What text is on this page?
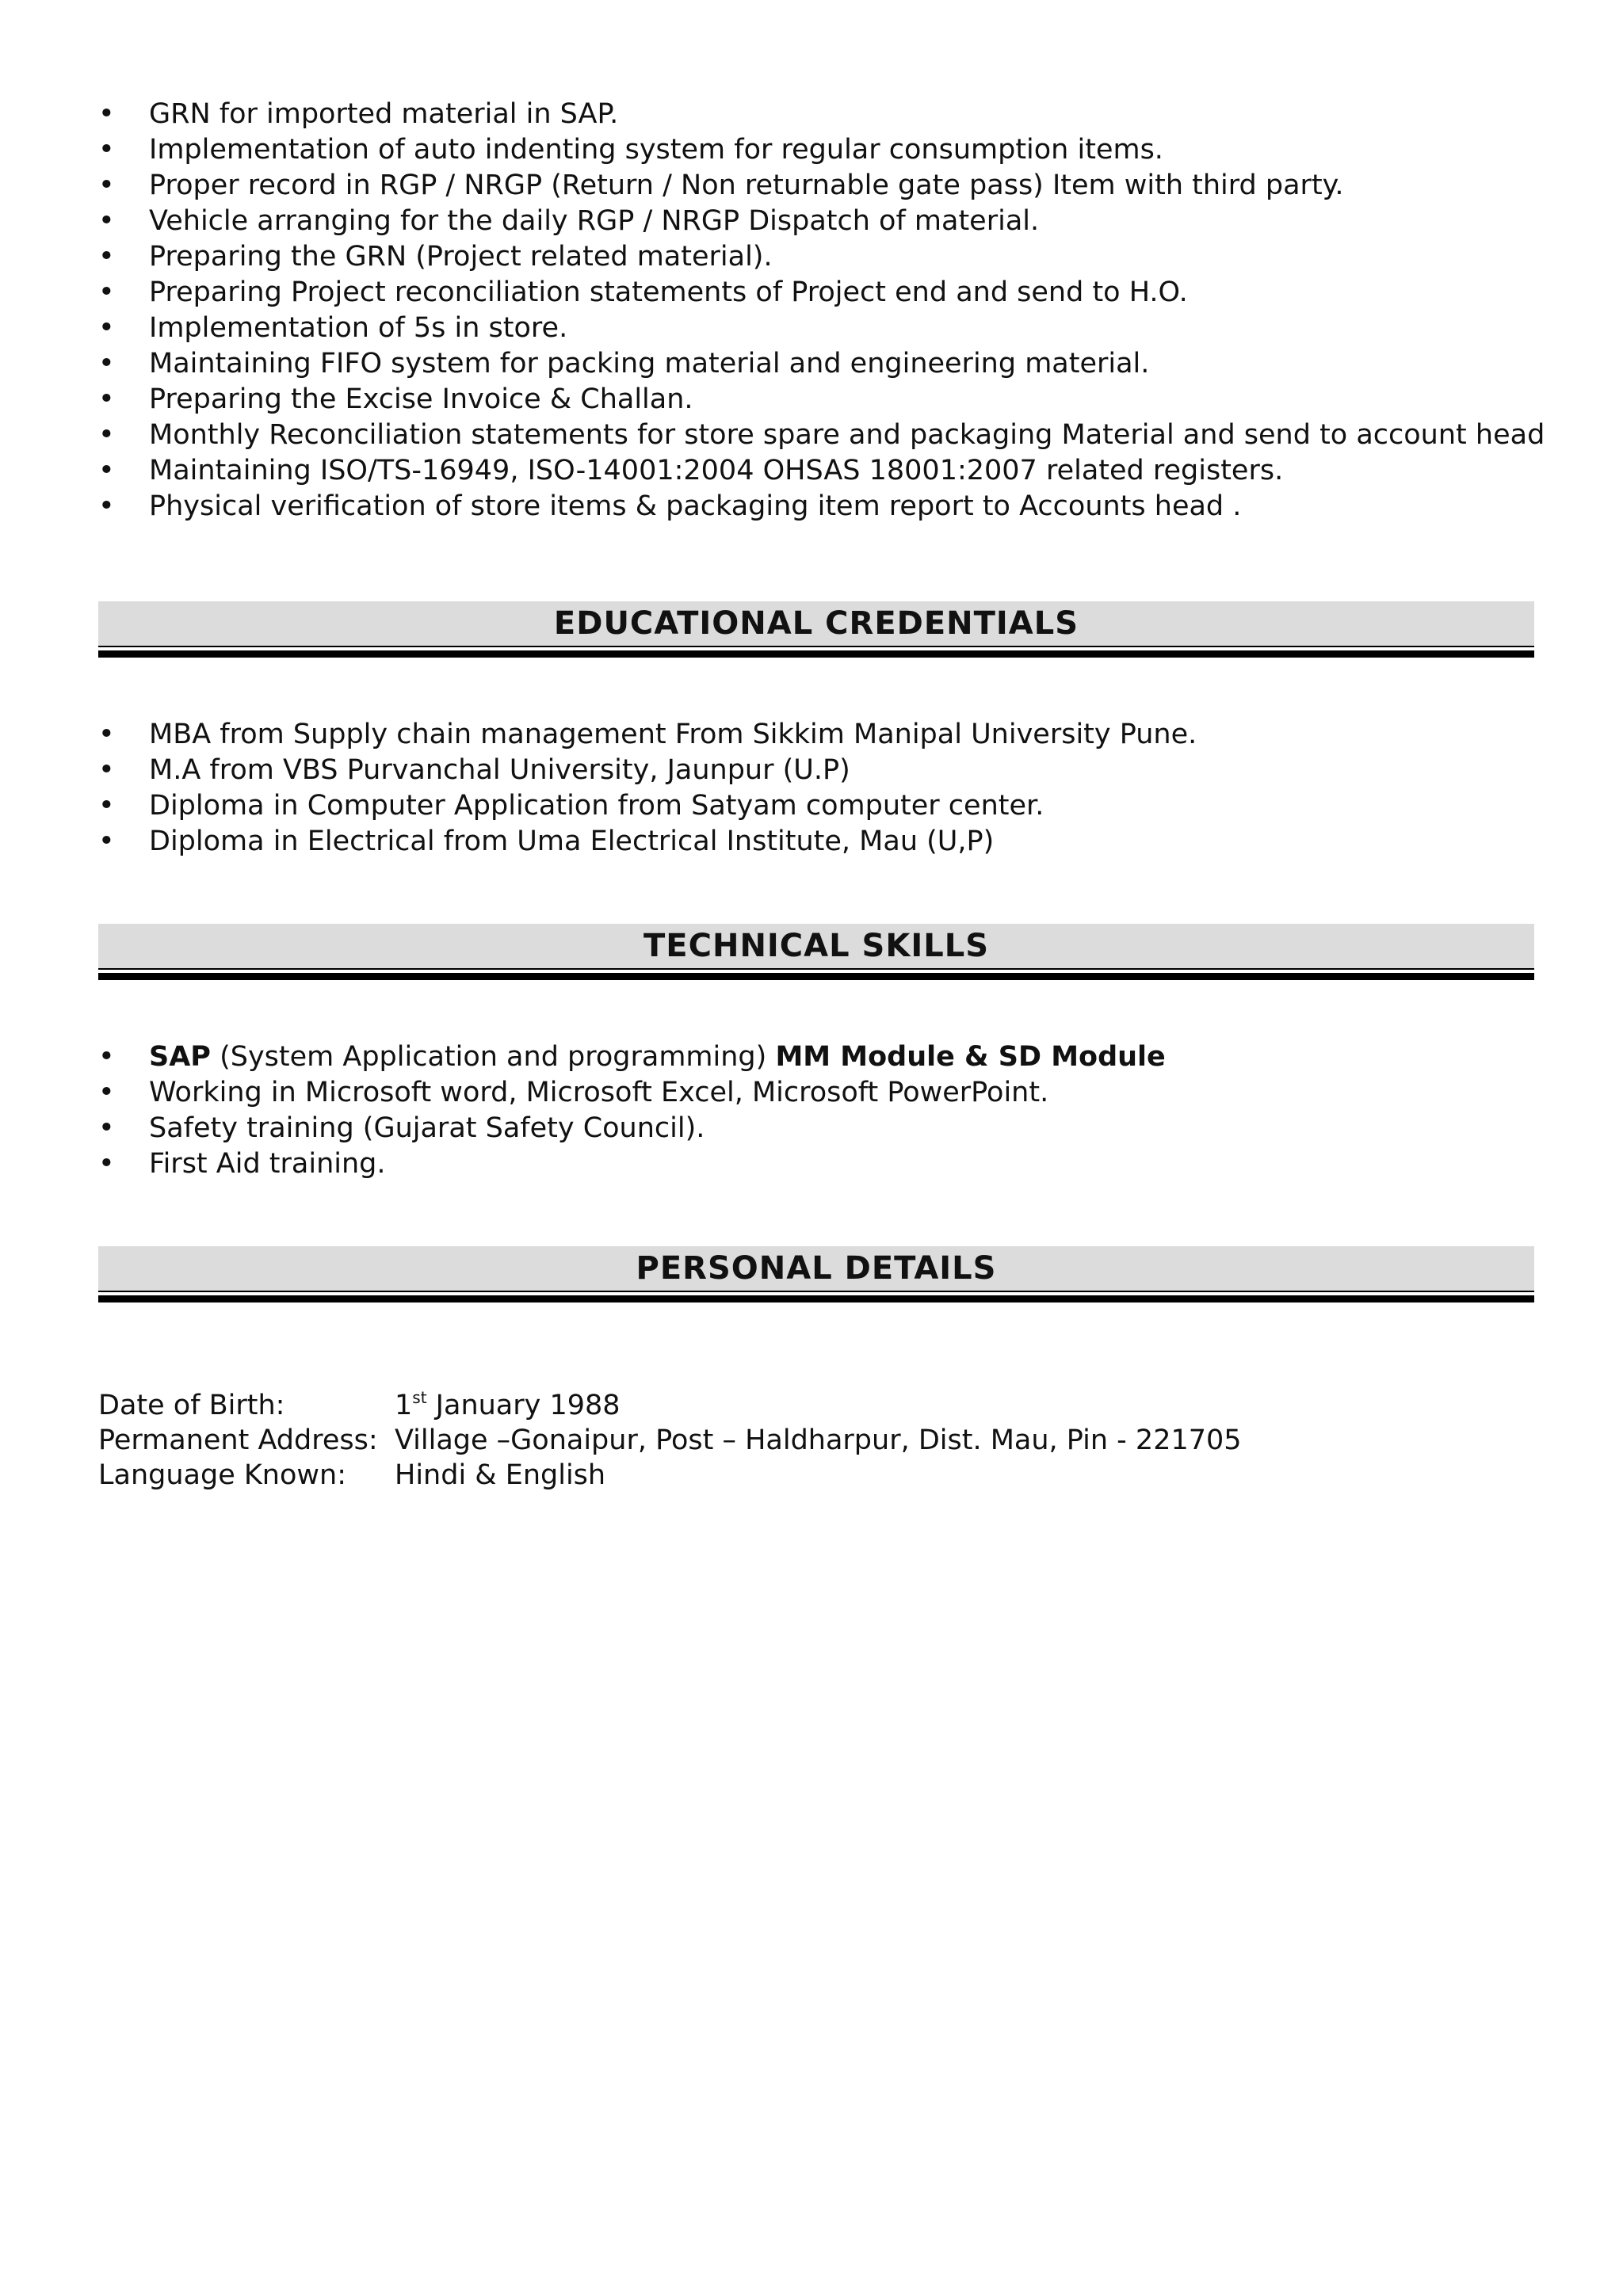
• GRN for imported material in SAP.
• Implementation of auto indenting system for regular consumption items.
• Proper record in RGP / NRGP (Return / Non returnable gate pass) Item with third party.
• Vehicle arranging for the daily RGP / NRGP Dispatch of material.
• Preparing the GRN (Project related material).
• Preparing Project reconciliation statements of Project end and send to H.O.
• Implementation of 5s in store.
• Maintaining FIFO system for packing material and engineering material.
• Preparing the Excise Invoice & Challan.
• Monthly Reconciliation statements for store spare and packaging Material and send to account head
• Maintaining ISO/TS-16949, ISO-14001:2004 OHSAS 18001:2007 related registers.
• Physical verification of store items & packaging item report to Accounts head .
EDUCATIONAL CREDENTIALS
• MBA from Supply chain management From Sikkim Manipal University Pune.
• M.A from VBS Purvanchal University, Jaunpur (U.P)
• Diploma in Computer Application from Satyam computer center.
• Diploma in Electrical from Uma Electrical Institute, Mau (U,P)
TECHNICAL SKILLS
• SAP (System Application and programming) MM Module & SD Module
• Working in Microsoft word, Microsoft Excel, Microsoft PowerPoint.
• Safety training (Gujarat Safety Council).
• First Aid training.
PERSONAL DETAILS
Date of Birth:	1st January 1988
Permanent Address: Village –Gonaipur, Post – Haldharpur, Dist. Mau, Pin - 221705
Language Known: Hindi & English
